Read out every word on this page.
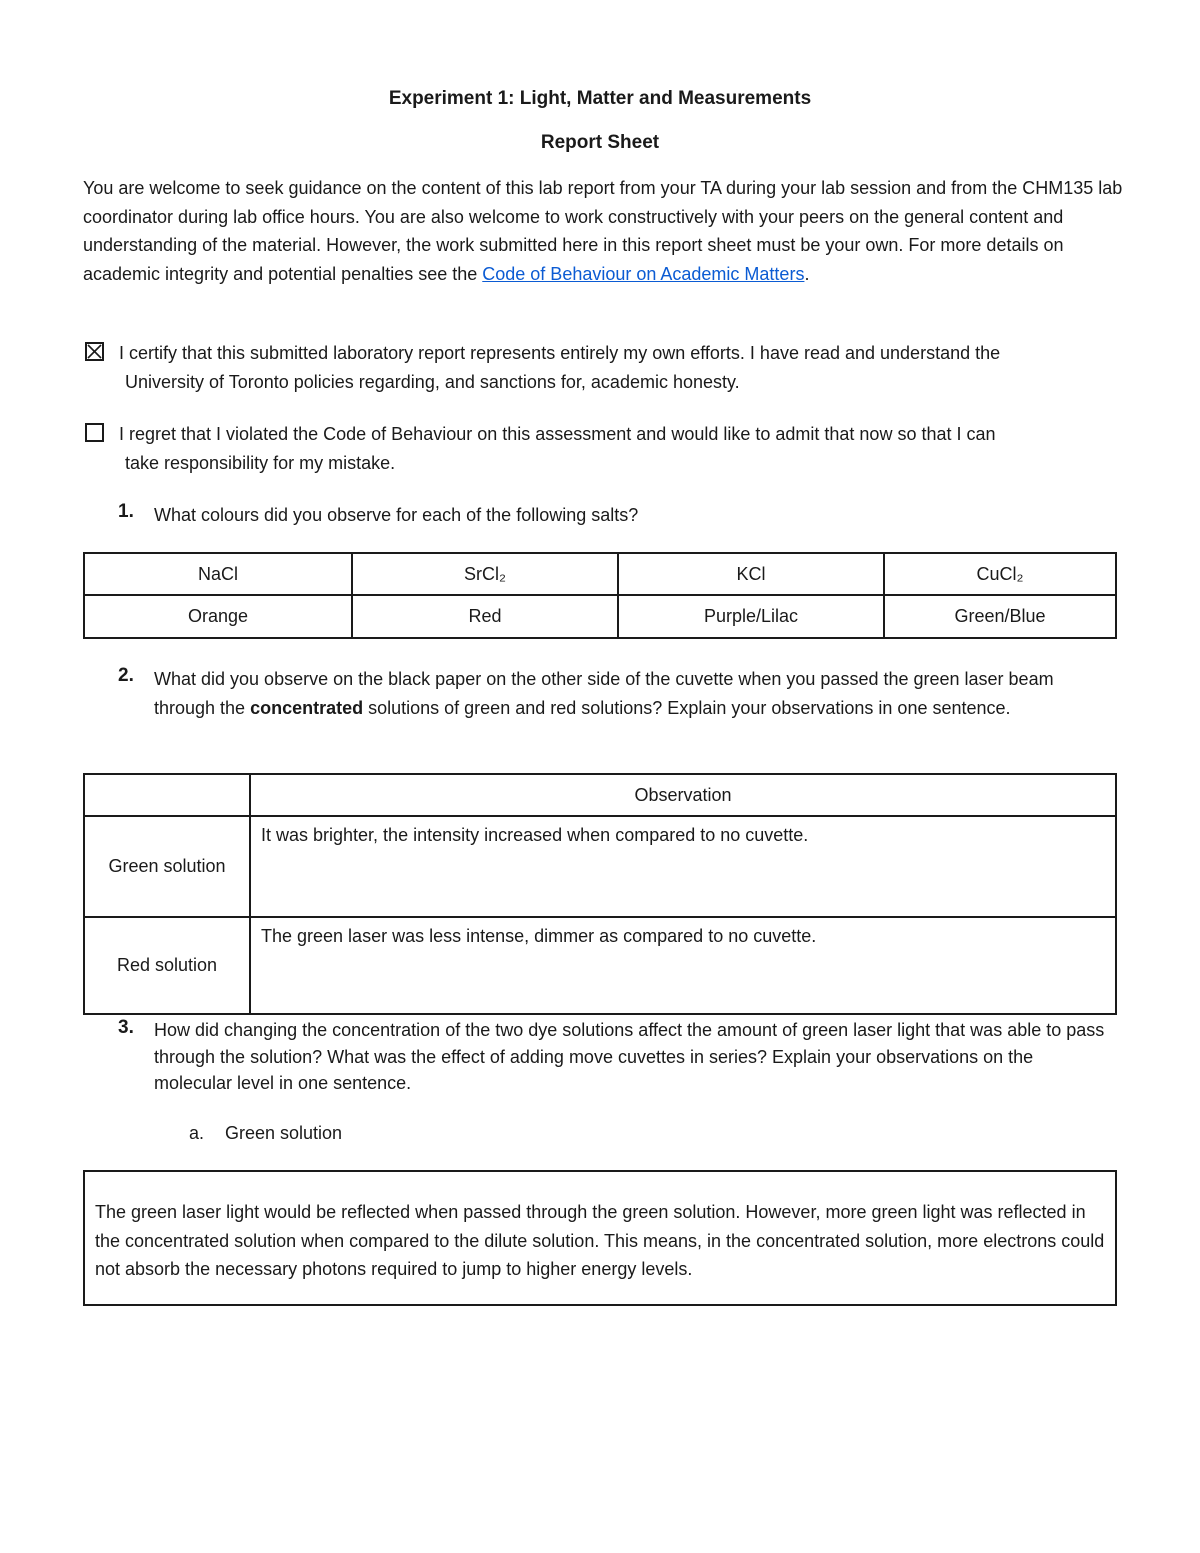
Experiment 1: Light, Matter and Measurements
Report Sheet
You are welcome to seek guidance on the content of this lab report from your TA during your lab session and from the CHM135 lab coordinator during lab office hours. You are also welcome to work constructively with your peers on the general content and understanding of the material. However, the work submitted here in this report sheet must be your own. For more details on academic integrity and potential penalties see the Code of Behaviour on Academic Matters.
I certify that this submitted laboratory report represents entirely my own efforts. I have read and understand the
University of Toronto policies regarding, and sanctions for, academic honesty.
I regret that I violated the Code of Behaviour on this assessment and would like to admit that now so that I can
take responsibility for my mistake.
1. What colours did you observe for each of the following salts?
NaCl	SrCl₂	KCl	CuCl₂
Orange	Red	Purple/Lilac	Green/Blue
2. What did you observe on the black paper on the other side of the cuvette when you passed the green laser beam through the concentrated solutions of green and red solutions? Explain your observations in one sentence.
	Observation
Green solution	It was brighter, the intensity increased when compared to no cuvette.
Red solution	The green laser was less intense, dimmer as compared to no cuvette.
3. How did changing the concentration of the two dye solutions affect the amount of green laser light that was able to pass through the solution? What was the effect of adding move cuvettes in series? Explain your observations on the molecular level in one sentence.
a. Green solution
The green laser light would be reflected when passed through the green solution. However, more green light was reflected in the concentrated solution when compared to the dilute solution. This means, in the concentrated solution, more electrons could not absorb the necessary photons required to jump to higher energy levels.
